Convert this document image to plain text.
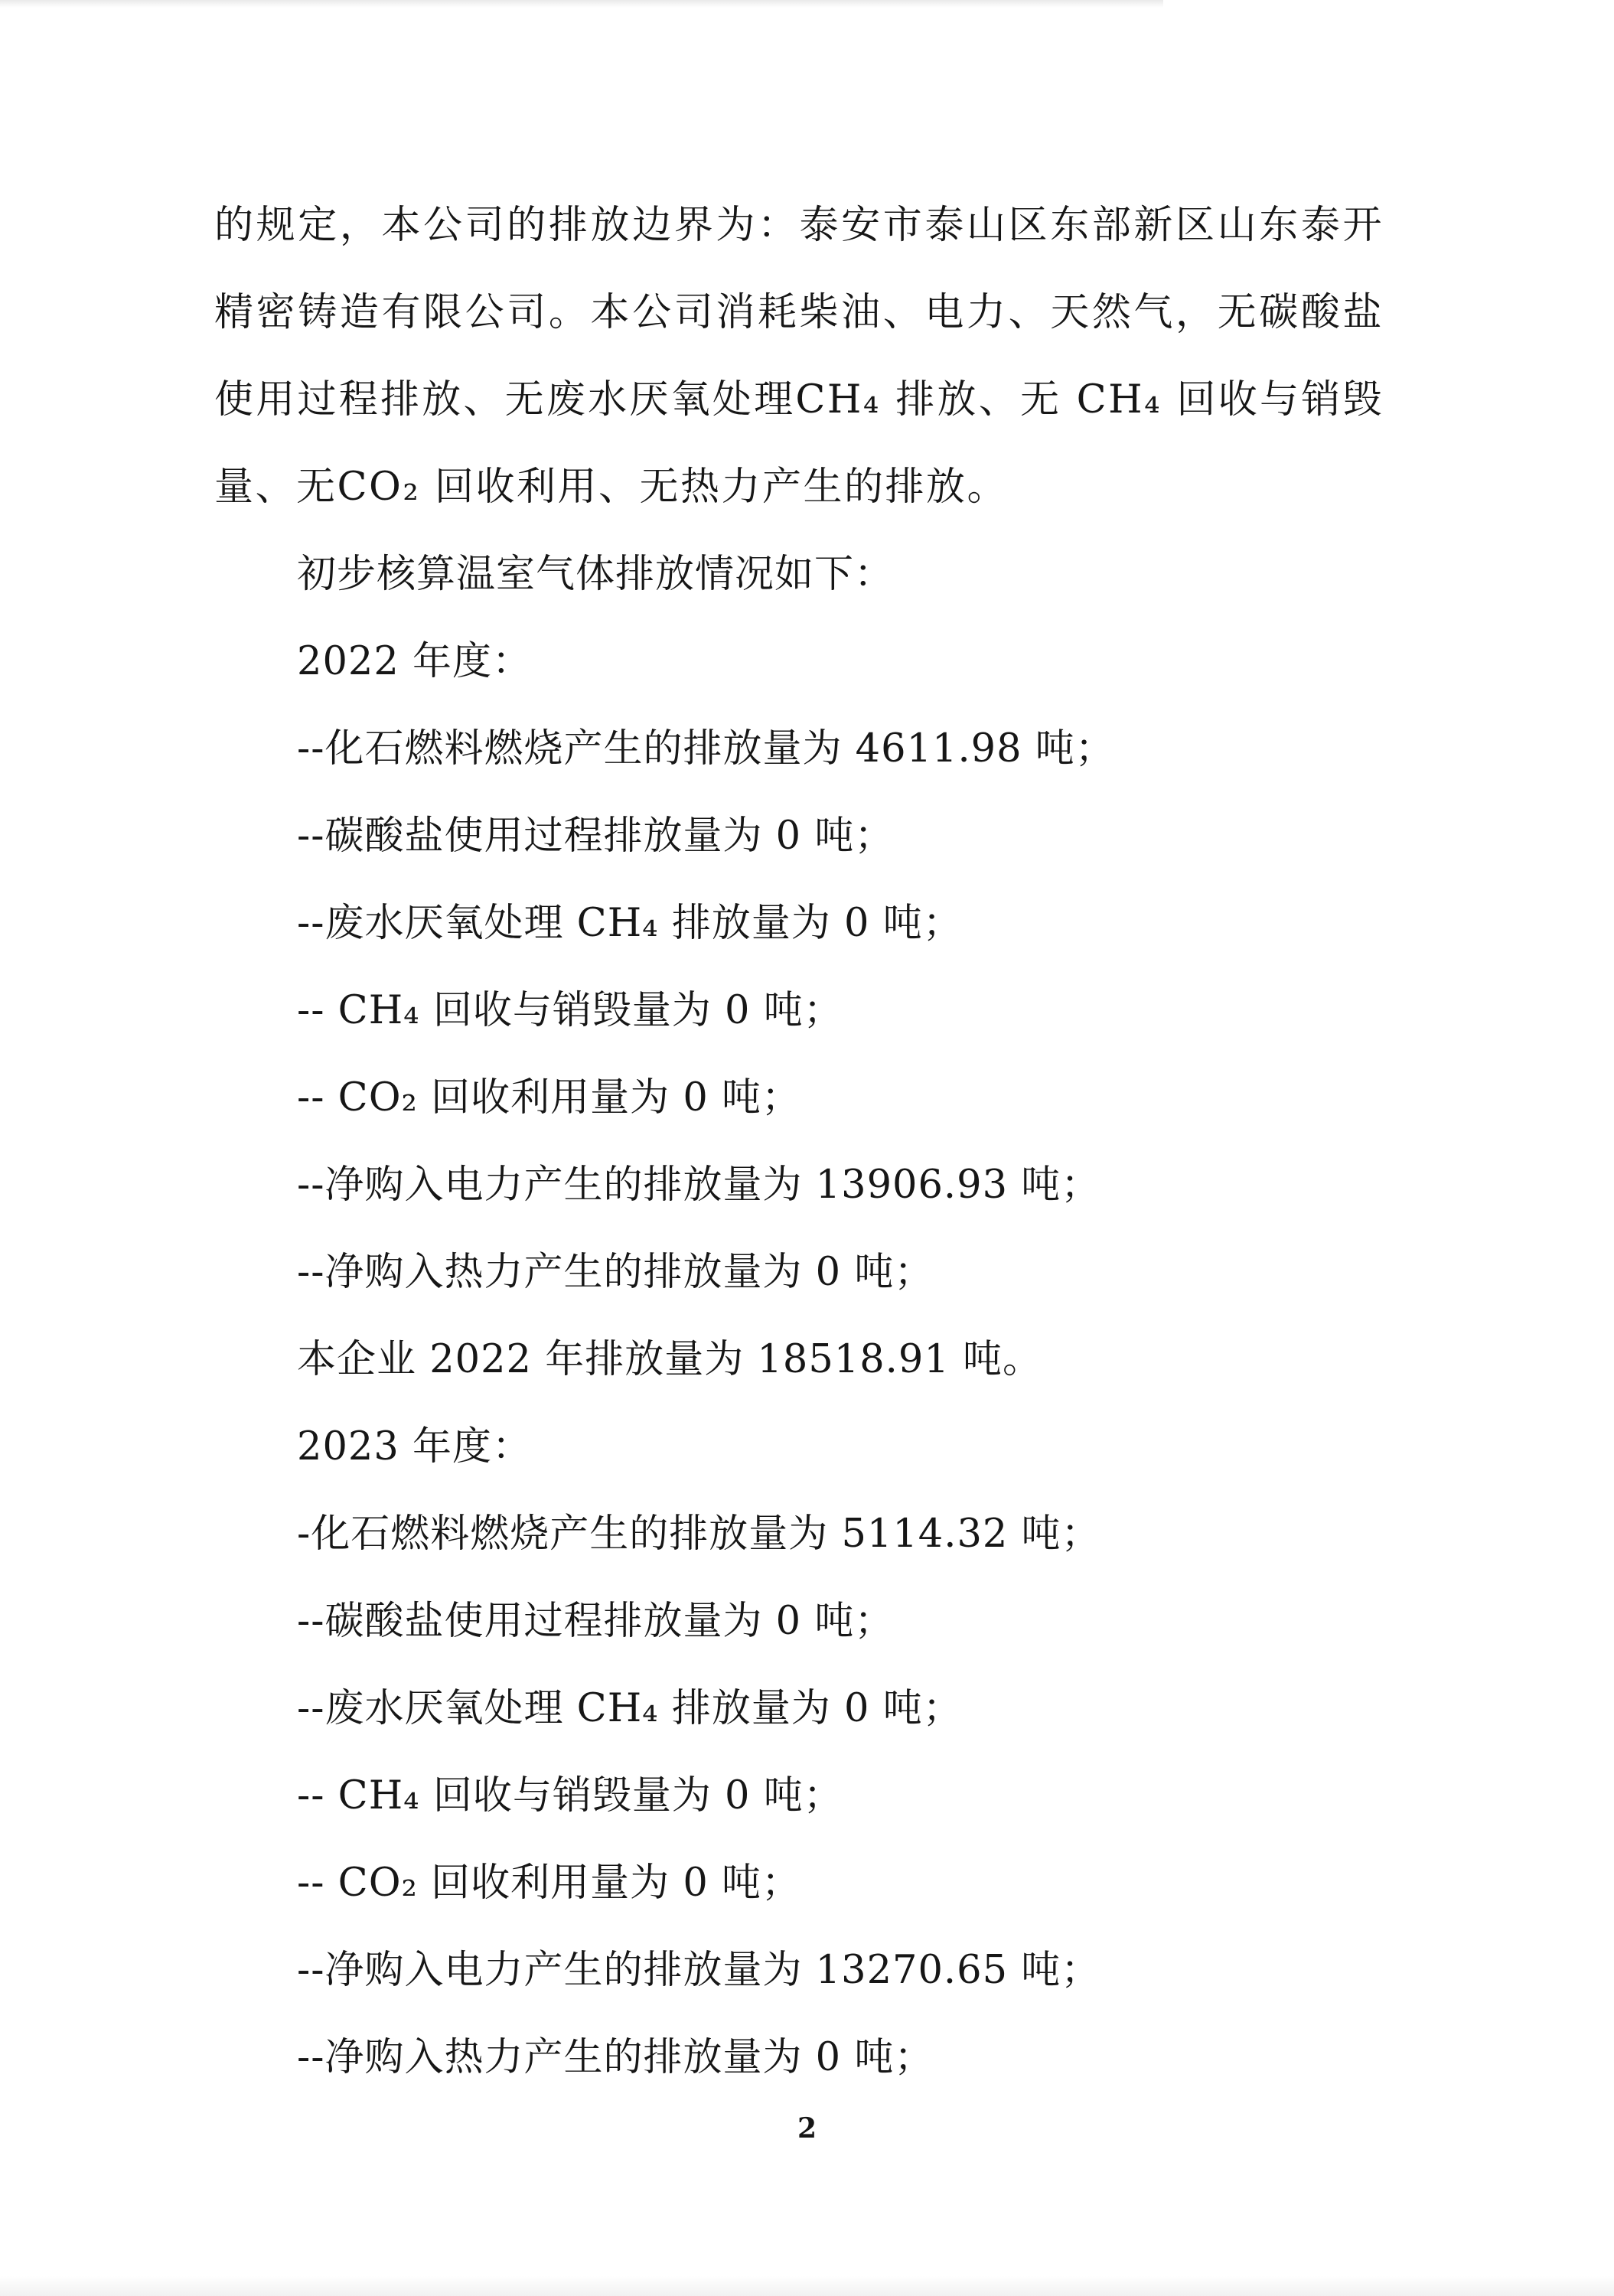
的规定，本公司的排放边界为：泰安市泰山区东部新区山东泰开精密铸造有限公司。本公司消耗柴油、电力、天然气，无碳酸盐使用过程排放、无废水厌氧处理CH₄ 排放、无 CH₄ 回收与销毁量、无CO₂ 回收利用、无热力产生的排放。

初步核算温室气体排放情况如下：

2022 年度：

--化石燃料燃烧产生的排放量为 4611.98 吨；

--碳酸盐使用过程排放量为 0 吨；

--废水厌氧处理 CH₄ 排放量为 0 吨；

-- CH₄ 回收与销毁量为 0 吨；

-- CO₂ 回收利用量为 0 吨；

--净购入电力产生的排放量为 13906.93 吨；

--净购入热力产生的排放量为 0 吨；

本企业 2022 年排放量为 18518.91 吨。

2023 年度：

-化石燃料燃烧产生的排放量为 5114.32 吨；

--碳酸盐使用过程排放量为 0 吨；

--废水厌氧处理 CH₄ 排放量为 0 吨；

-- CH₄ 回收与销毁量为 0 吨；

-- CO₂ 回收利用量为 0 吨；

--净购入电力产生的排放量为 13270.65 吨；

--净购入热力产生的排放量为 0 吨；

2
